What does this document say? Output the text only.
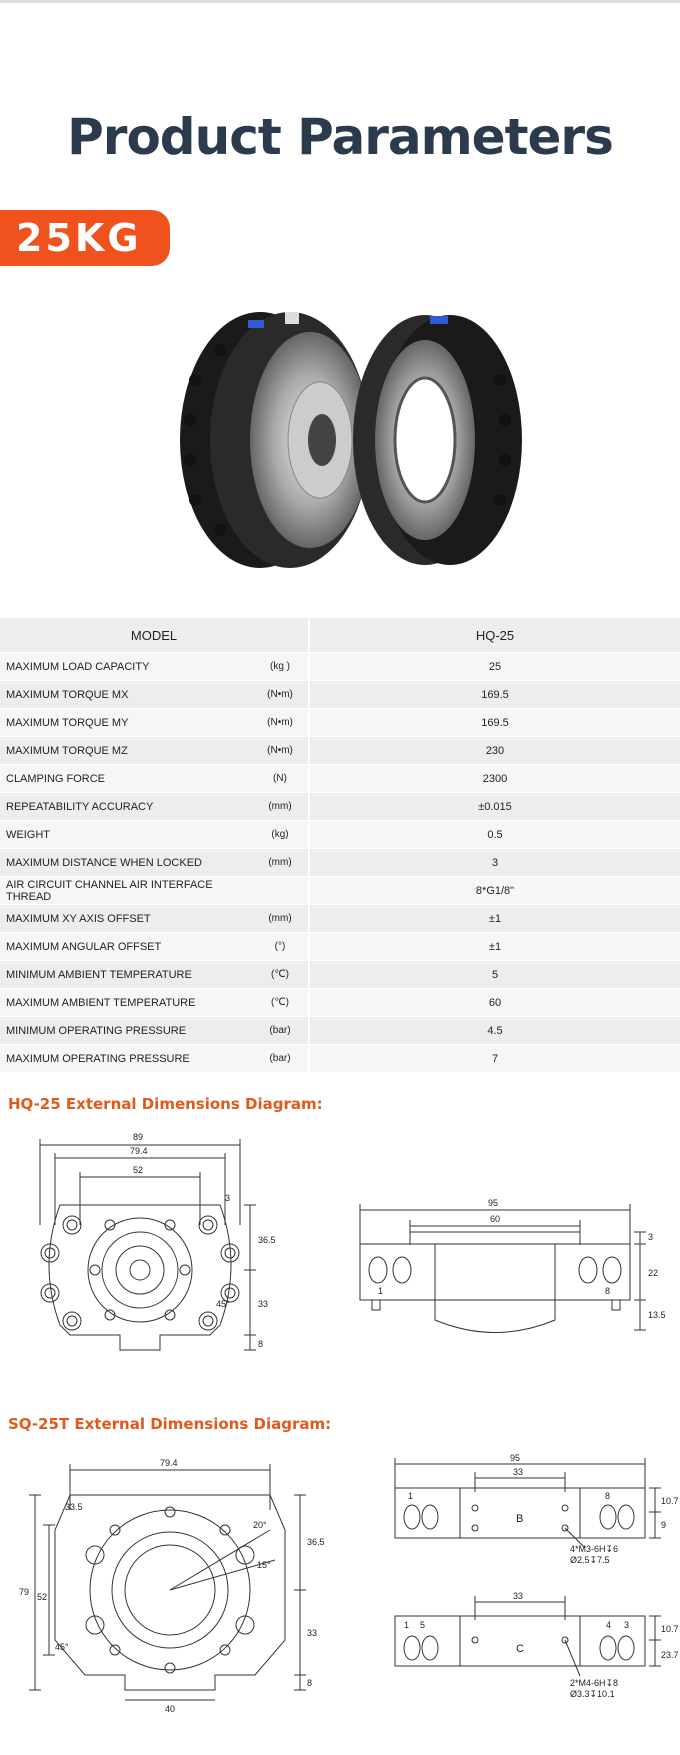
Product Parameters
25KG
MODEL		HQ-25
MAXIMUM LOAD CAPACITY	(kg )	25
MAXIMUM TORQUE MX	(N•m)	169.5
MAXIMUM TORQUE MY	(N•m)	169.5
MAXIMUM TORQUE MZ	(N•m)	230
CLAMPING FORCE	(N)	2300
REPEATABILITY ACCURACY	(mm)	±0.015
WEIGHT	(kg)	0.5
MAXIMUM DISTANCE WHEN LOCKED	(mm)	3
AIR CIRCUIT CHANNEL AIR INTERFACE THREAD		8*G1/8"
MAXIMUM XY AXIS OFFSET	(mm)	±1
MAXIMUM ANGULAR OFFSET	(°)	±1
MINIMUM AMBIENT TEMPERATURE	(℃)	5
MAXIMUM AMBIENT TEMPERATURE	(℃)	60
MINIMUM OPERATING PRESSURE	(bar)	4.5
MAXIMUM OPERATING PRESSURE	(bar)	7
HQ-25 External Dimensions Diagram:
89
79.4
52
3
36.5
33
8
45°
95
60
3
22
13.5
1	8
SQ-25T External Dimensions Diagram:
79.4
33.5
20°
15°
36.5
79 52
45°
33
8
40
95
33
10.7
9
B
1	8
4*M3-6H↧6
Ø2.5↧7.5
33
10.7
23.7
C
1 5	4 3
2*M4-6H↧8
Ø3.3↧10.1
